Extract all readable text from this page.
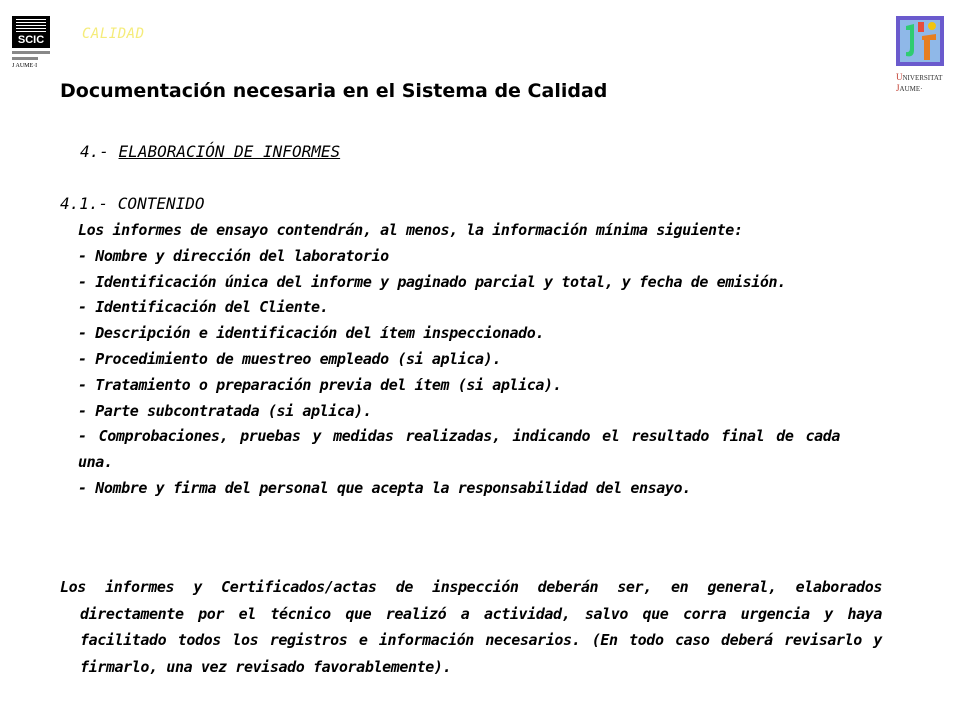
SCIC
J AUME·I
CALIDAD
UNIVERSITAT
JAUME·
Documentación necesaria en el Sistema de Calidad
4.- ELABORACIÓN DE INFORMES
4.1.- CONTENIDO

Los informes de ensayo contendrán, al menos, la información mínima siguiente:

- Nombre y dirección del laboratorio

- Identificación única del informe y paginado parcial y total, y fecha de emisión.

- Identificación del Cliente.

- Descripción e identificación del ítem inspeccionado.

- Procedimiento de muestreo empleado (si aplica).

- Tratamiento o preparación previa del ítem (si aplica).

- Parte subcontratada (si aplica).

- Comprobaciones, pruebas y medidas realizadas, indicando el resultado final de cada una.

- Nombre y firma del personal que acepta la responsabilidad del ensayo.

Los informes y Certificados/actas de inspección deberán ser, en general, elaborados directamente por el técnico que realizó a actividad, salvo que corra urgencia y haya facilitado todos los registros e información necesarios. (En todo caso deberá revisarlo y firmarlo, una vez revisado favorablemente).
